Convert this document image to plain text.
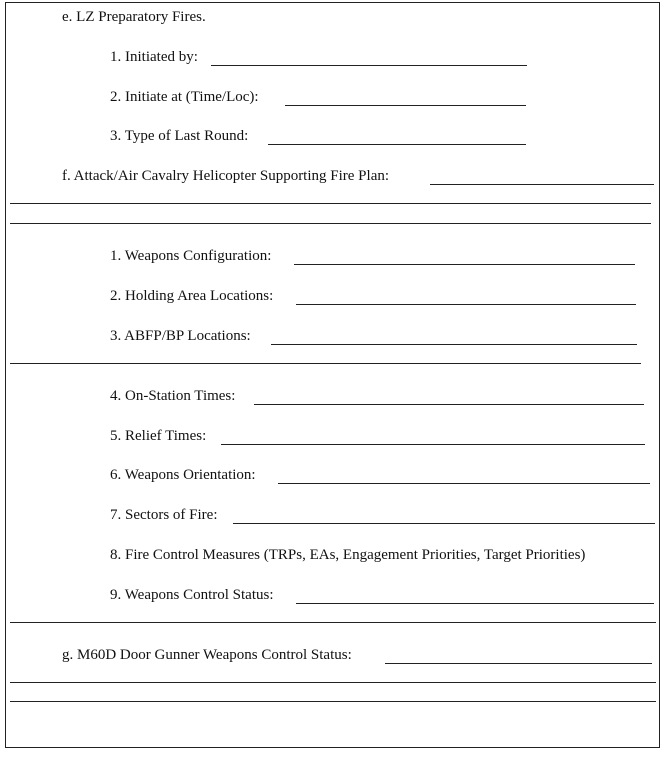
e. LZ Preparatory Fires.
1. Initiated by:
2. Initiate at (Time/Loc):
3. Type of Last Round:
f. Attack/Air Cavalry Helicopter Supporting Fire Plan:
1. Weapons Configuration:
2. Holding Area Locations:
3. ABFP/BP Locations:
4. On-Station Times:
5. Relief Times:
6. Weapons Orientation:
7. Sectors of Fire:
8. Fire Control Measures (TRPs, EAs, Engagement Priorities, Target Priorities)
9. Weapons Control Status:
g. M60D Door Gunner Weapons Control Status:
